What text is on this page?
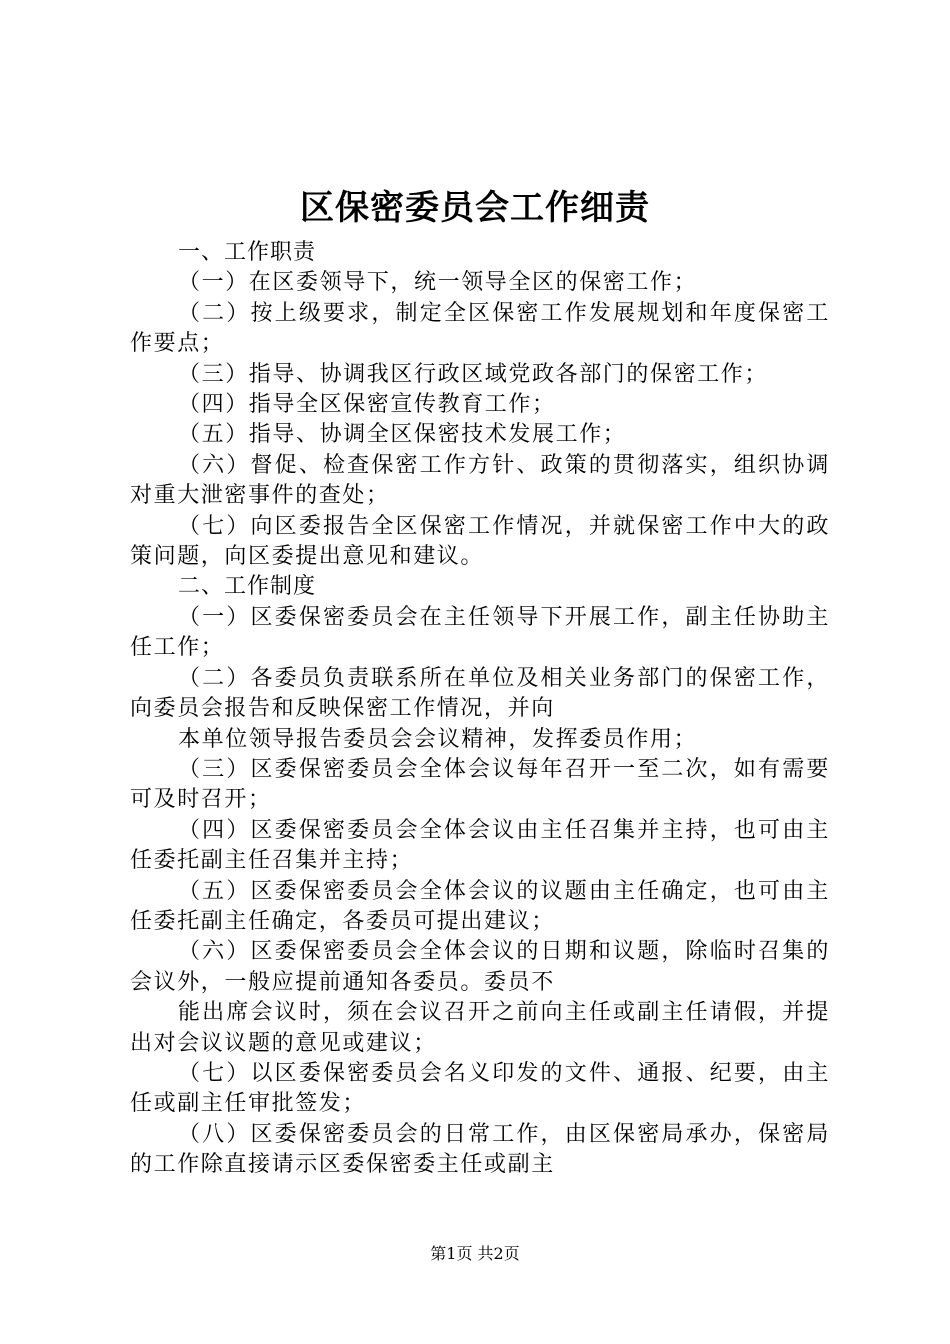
区保密委员会工作细责

一、工作职责

（一）在区委领导下，统一领导全区的保密工作；

（二）按上级要求，制定全区保密工作发展规划和年度保密工作要点；

（三）指导、协调我区行政区域党政各部门的保密工作；

（四）指导全区保密宣传教育工作；

（五）指导、协调全区保密技术发展工作；

（六）督促、检查保密工作方针、政策的贯彻落实，组织协调对重大泄密事件的查处；

（七）向区委报告全区保密工作情况，并就保密工作中大的政策问题，向区委提出意见和建议。

二、工作制度

（一）区委保密委员会在主任领导下开展工作，副主任协助主任工作；

（二）各委员负责联系所在单位及相关业务部门的保密工作，向委员会报告和反映保密工作情况，并向

本单位领导报告委员会会议精神，发挥委员作用；

（三）区委保密委员会全体会议每年召开一至二次，如有需要可及时召开；

（四）区委保密委员会全体会议由主任召集并主持，也可由主任委托副主任召集并主持；

（五）区委保密委员会全体会议的议题由主任确定，也可由主任委托副主任确定，各委员可提出建议；

（六）区委保密委员会全体会议的日期和议题，除临时召集的会议外，一般应提前通知各委员。委员不

能出席会议时，须在会议召开之前向主任或副主任请假，并提出对会议议题的意见或建议；

（七）以区委保密委员会名义印发的文件、通报、纪要，由主任或副主任审批签发；

（八）区委保密委员会的日常工作，由区保密局承办，保密局的工作除直接请示区委保密委主任或副主

第1页 共2页
